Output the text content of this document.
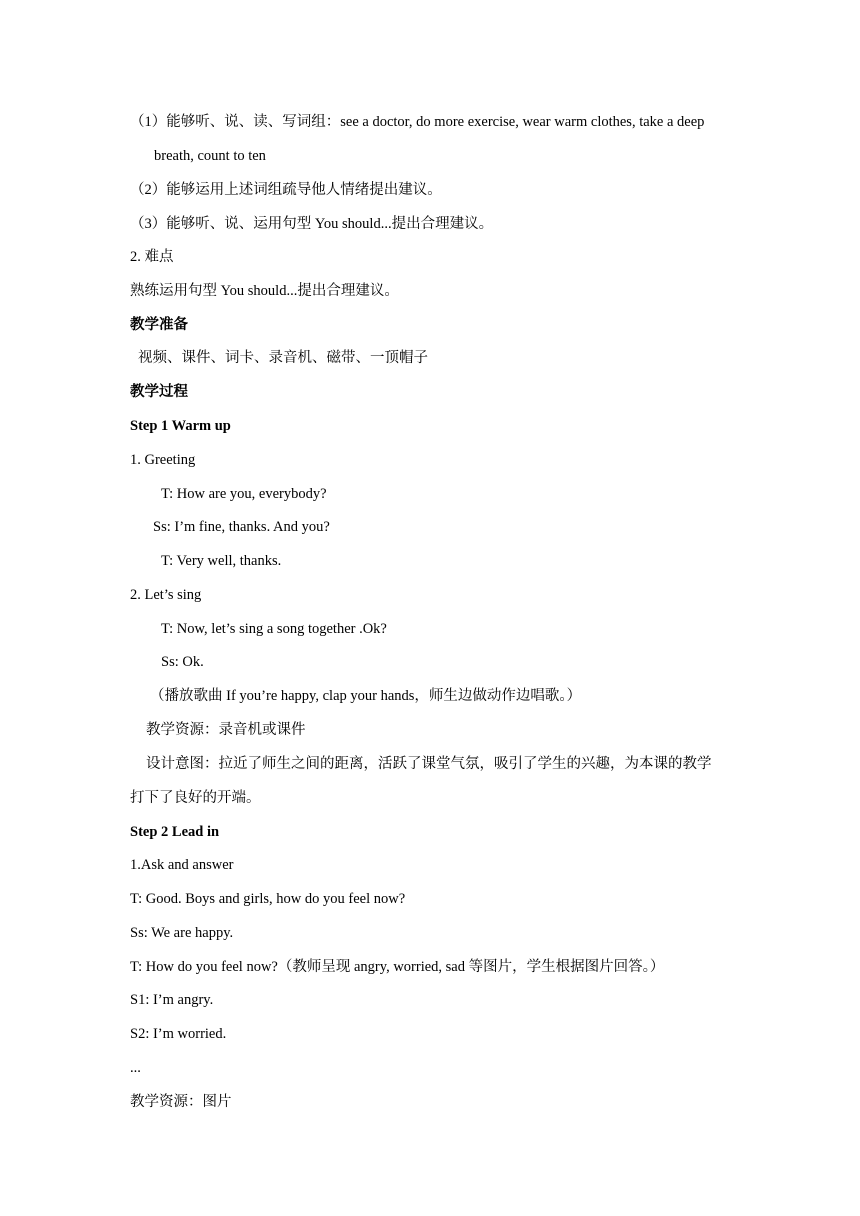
（1）能够听、说、读、写词组：see a doctor, do more exercise, wear warm clothes, take a deep

breath, count to ten

（2）能够运用上述词组疏导他人情绪提出建议。

（3）能够听、说、运用句型 You should...提出合理建议。

2. 难点

熟练运用句型 You should...提出合理建议。

教学准备

视频、课件、词卡、录音机、磁带、一顶帽子

教学过程

Step 1 Warm up

1. Greeting

T: How are you, everybody?

Ss: I’m fine, thanks. And you?

T: Very well, thanks.

2. Let’s sing

T: Now, let’s sing a song together .Ok?

Ss: Ok.

（播放歌曲 If you’re happy, clap your hands，师生边做动作边唱歌。）

教学资源：录音机或课件

设计意图：拉近了师生之间的距离，活跃了课堂气氛，吸引了学生的兴趣，为本课的教学

打下了良好的开端。

Step 2 Lead in

1.Ask and answer

T: Good. Boys and girls, how do you feel now?

Ss: We are happy.

T: How do you feel now?（教师呈现 angry, worried, sad 等图片，学生根据图片回答。）

S1: I’m angry.

S2: I’m worried.

...

教学资源：图片
